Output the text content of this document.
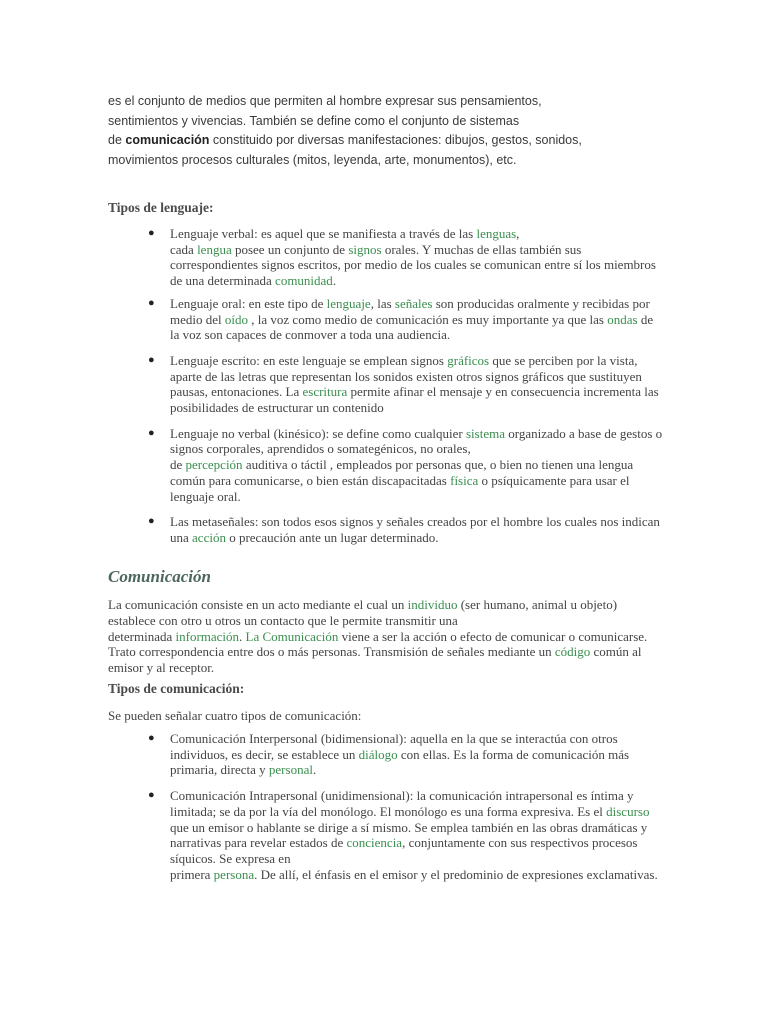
es el conjunto de medios que permiten al hombre expresar sus pensamientos,

sentimientos y vivencias. También se define como el conjunto de sistemas

de comunicación constituido por diversas manifestaciones: dibujos, gestos, sonidos,

movimientos procesos culturales (mitos, leyenda, arte, monumentos), etc.

Tipos de lenguaje:
● Lenguaje verbal: es aquel que se manifiesta a través de las lenguas,
cada lengua posee un conjunto de signos orales. Y muchas de ellas también sus correspondientes signos escritos, por medio de los cuales se comunican entre sí los miembros de una determinada comunidad.
● Lenguaje oral: en este tipo de lenguaje, las señales son producidas oralmente y recibidas por medio del oído , la voz como medio de comunicación es muy importante ya que las ondas de la voz son capaces de conmover a toda una audiencia.
● Lenguaje escrito: en este lenguaje se emplean signos gráficos que se perciben por la vista, aparte de las letras que representan los sonidos existen otros signos gráficos que sustituyen pausas, entonaciones. La escritura permite afinar el mensaje y en consecuencia incrementa las posibilidades de estructurar un contenido
● Lenguaje no verbal (kinésico): se define como cualquier sistema organizado a base de gestos o signos corporales, aprendidos o somategénicos, no orales,
de percepción auditiva o táctil , empleados por personas que, o bien no tienen una lengua común para comunicarse, o bien están discapacitadas física o psíquicamente para usar el lenguaje oral.
● Las metaseñales: son todos esos signos y señales creados por el hombre los cuales nos indican una acción o precaución ante un lugar determinado.
Comunicación

La comunicación consiste en un acto mediante el cual un individuo (ser humano, animal u objeto) establece con otro u otros un contacto que le permite transmitir una
determinada información. La Comunicación viene a ser la acción o efecto de comunicar o comunicarse. Trato correspondencia entre dos o más personas. Transmisión de señales mediante un código común al emisor y al receptor.

Tipos de comunicación:

Se pueden señalar cuatro tipos de comunicación:

● Comunicación Interpersonal (bidimensional): aquella en la que se interactúa con otros individuos, es decir, se establece un diálogo con ellas. Es la forma de comunicación más primaria, directa y personal.
● Comunicación Intrapersonal (unidimensional): la comunicación intrapersonal es íntima y limitada; se da por la vía del monólogo. El monólogo es una forma expresiva. Es el discurso que un emisor o hablante se dirige a sí mismo. Se emplea también en las obras dramáticas y narrativas para revelar estados de conciencia, conjuntamente con sus respectivos procesos síquicos. Se expresa en
primera persona. De allí, el énfasis en el emisor y el predominio de expresiones exclamativas.
